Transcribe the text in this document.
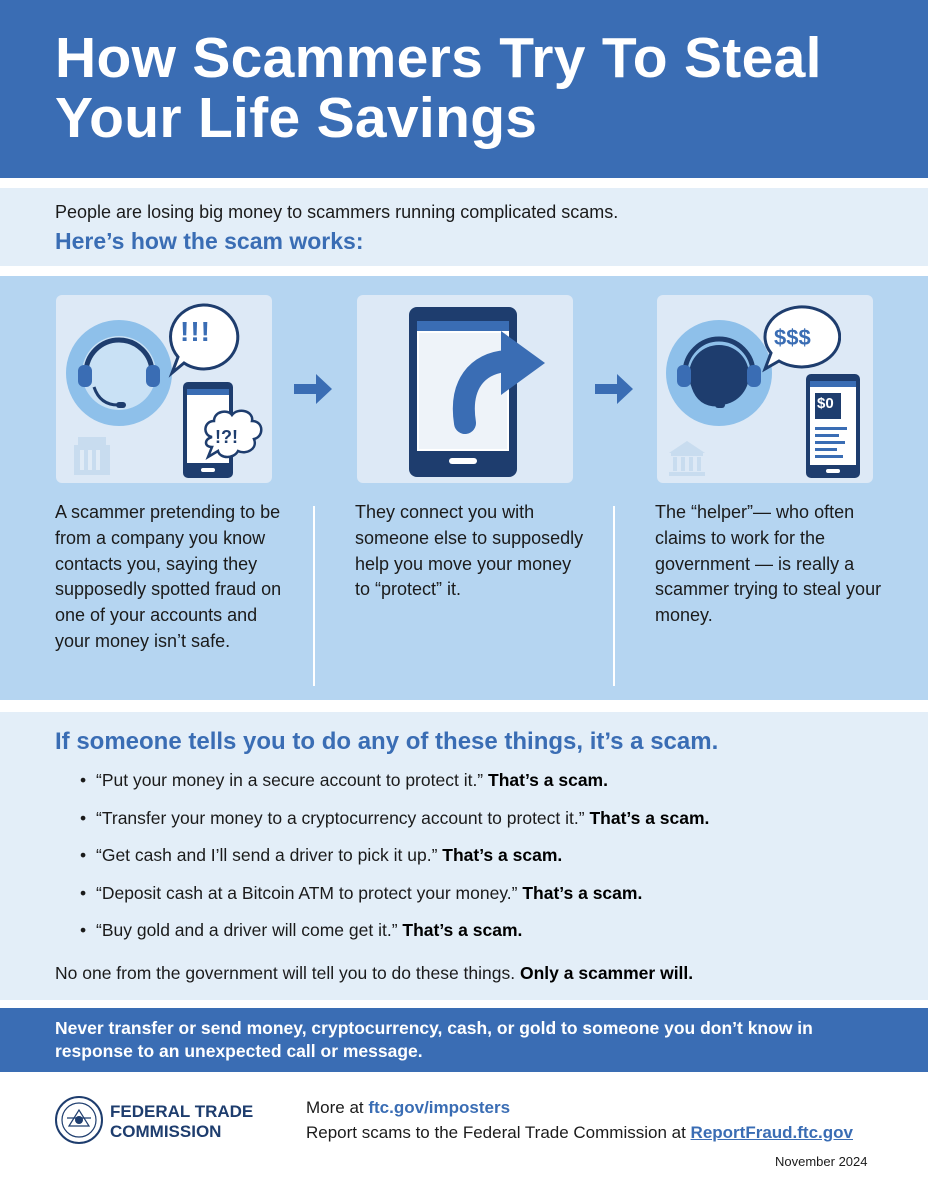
How Scammers Try To Steal Your Life Savings
People are losing big money to scammers running complicated scams.
Here’s how the scam works:
!!!
!?!
$$$
$0
A scammer pretending to be from a company you know contacts you, saying they supposedly spotted fraud on one of your accounts and your money isn’t safe.
They connect you with someone else to supposedly help you move your money to “protect” it.
The “helper”— who often claims to work for the government — is really a scammer trying to steal your money.
If someone tells you to do any of these things, it’s a scam.
• “Put your money in a secure account to protect it.” That’s a scam.
• “Transfer your money to a cryptocurrency account to protect it.” That’s a scam.
• “Get cash and I’ll send a driver to pick it up.” That’s a scam.
• “Deposit cash at a Bitcoin ATM to protect your money.” That’s a scam.
• “Buy gold and a driver will come get it.” That’s a scam.
No one from the government will tell you to do these things. Only a scammer will.

Never transfer or send money, cryptocurrency, cash, or gold to someone you don’t know in response to an unexpected call or message.

FEDERAL TRADE
COMMISSION
More at ftc.gov/imposters
Report scams to the Federal Trade Commission at ReportFraud.ftc.gov
November 2024
